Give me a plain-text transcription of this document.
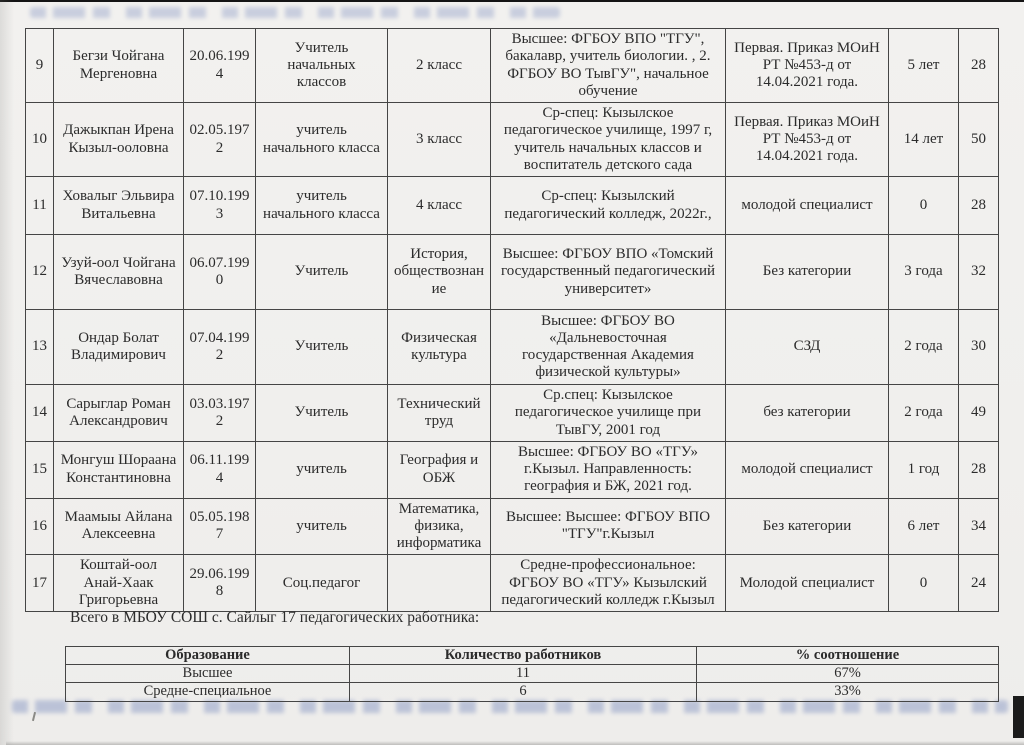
9	Бегзи Чойгана Мергеновна	20.06.1994	Учитель начальных классов	2 класс	Высшее: ФГБОУ ВПО "ТГУ", бакалавр, учитель биологии. , 2. ФГБОУ ВО ТывГУ", начальное обучение	Первая. Приказ МОиН РТ №453-д от 14.04.2021 года.	5 лет	28
10	Дажыкпан Ирена Кызыл-ооловна	02.05.1972	учитель начального класса	3 класс	Ср-спец: Кызылское педагогическое училище, 1997 г, учитель начальных классов и воспитатель детского сада	Первая. Приказ МОиН РТ №453-д от 14.04.2021 года.	14 лет	50
11	Ховалыг Эльвира Витальевна	07.10.1993	учитель начального класса	4 класс	Ср-спец: Кызылский педагогический колледж, 2022г.,	молодой специалист	0	28
12	Узуй-оол Чойгана Вячеславовна	06.07.1990	Учитель	История, обществознание	Высшее: ФГБОУ ВПО «Томский государственный педагогический университет»	Без категории	3 года	32
13	Ондар Болат Владимирович	07.04.1992	Учитель	Физическая культура	Высшее: ФГБОУ ВО «Дальневосточная государственная Академия физической культуры»	СЗД	2 года	30
14	Сарыглар Роман Александрович	03.03.1972	Учитель	Технический труд	Ср.спец: Кызылское педагогическое училище при ТывГУ, 2001 год	без категории	2 года	49
15	Монгуш Шораана Константиновна	06.11.1994	учитель	География и ОБЖ	Высшее: ФГБОУ ВО «ТГУ» г.Кызыл. Направленность: география и БЖ, 2021 год.	молодой специалист	1 год	28
16	Маамыы Айлана Алексеевна	05.05.1987	учитель	Математика, физика, информатика	Высшее: Высшее: ФГБОУ ВПО "ТГУ"г.Кызыл	Без категории	6 лет	34
17	Коштай-оол Анай-Хаак Григорьевна	29.06.1998	Соц.педагог		Средне-профессиональное: ФГБОУ ВО «ТГУ» Кызылский педагогический колледж г.Кызыл	Молодой специалист	0	24
Всего в МБОУ СОШ с. Сайлыг 17 педагогических работника:
Образование	Количество работников	% соотношение
Высшее	11	67%
Средне-специальное	6	33%
